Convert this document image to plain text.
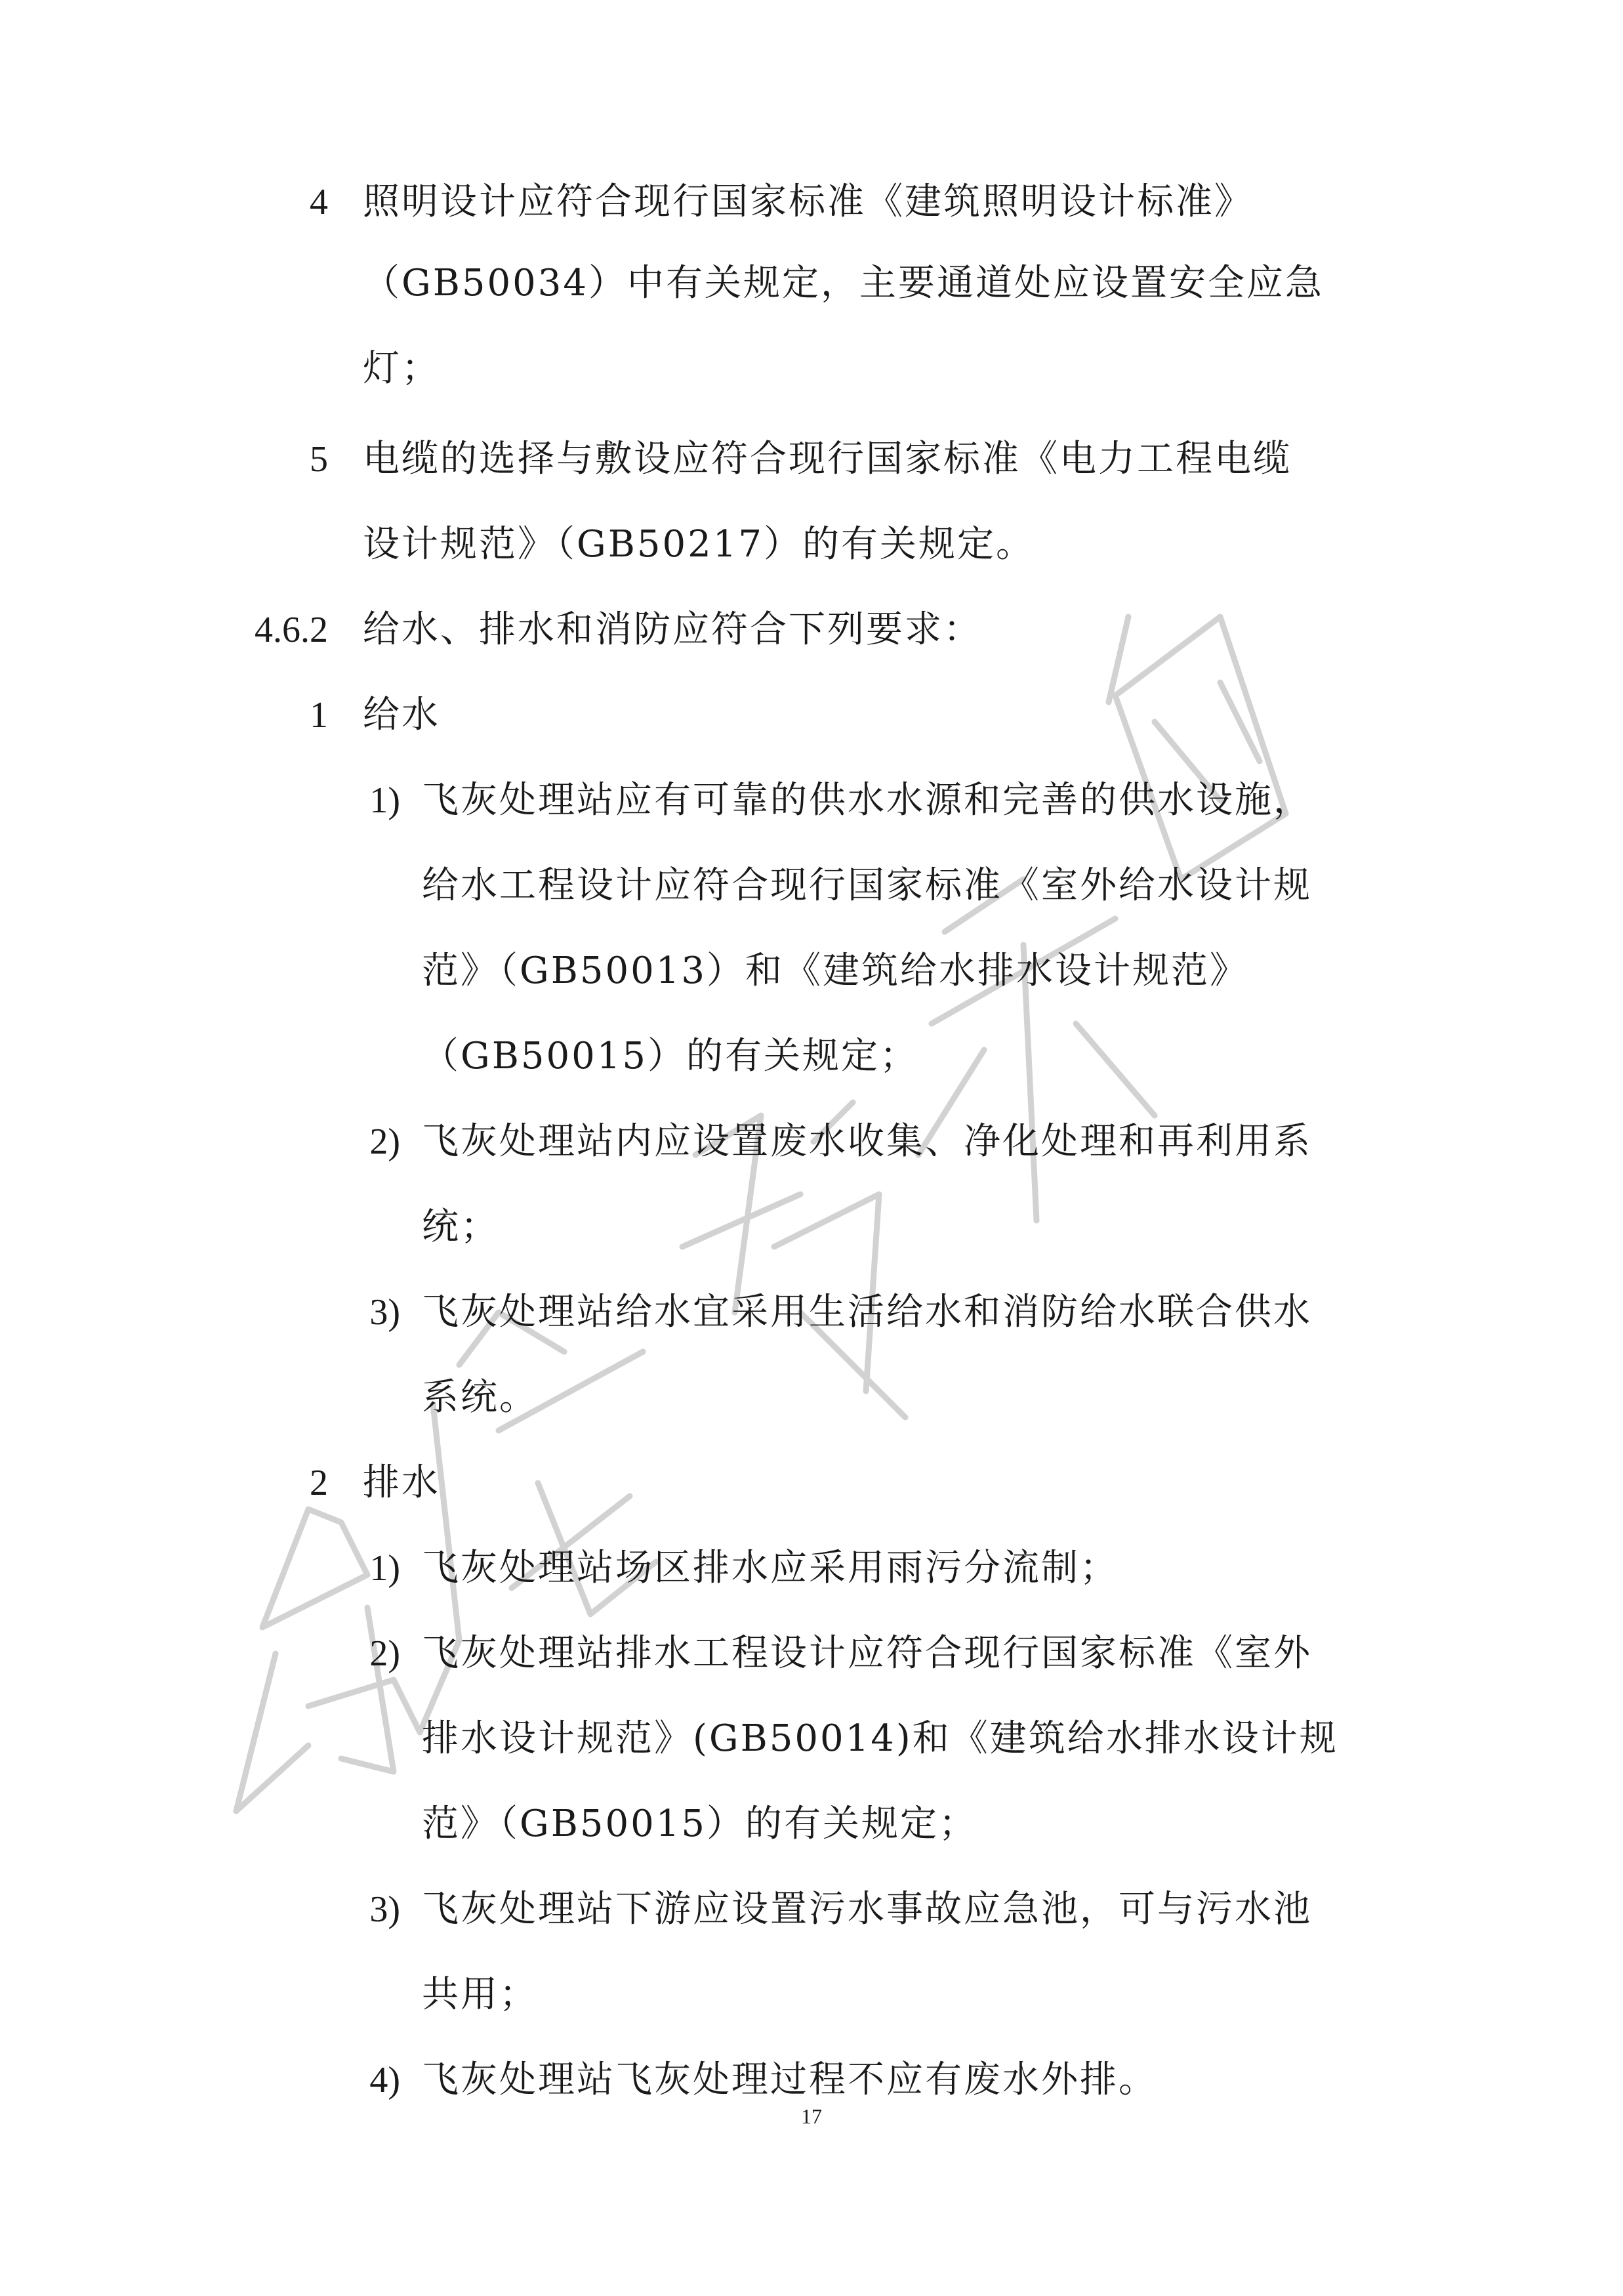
4 照明设计应符合现行国家标准《建筑照明设计标准》
（GB50034）中有关规定，主要通道处应设置安全应急
灯；
5 电缆的选择与敷设应符合现行国家标准《电力工程电缆
设计规范》（GB50217）的有关规定。
4.6.2 给水、排水和消防应符合下列要求：
1 给水
1) 飞灰处理站应有可靠的供水水源和完善的供水设施，
给水工程设计应符合现行国家标准《室外给水设计规
范》（GB50013）和《建筑给水排水设计规范》
（GB50015）的有关规定；
2) 飞灰处理站内应设置废水收集、净化处理和再利用系
统；
3) 飞灰处理站给水宜采用生活给水和消防给水联合供水
系统。
2 排水
1) 飞灰处理站场区排水应采用雨污分流制；
2) 飞灰处理站排水工程设计应符合现行国家标准《室外
排水设计规范》(GB50014)和《建筑给水排水设计规
范》（GB50015）的有关规定；
3) 飞灰处理站下游应设置污水事故应急池，可与污水池
共用；
4) 飞灰处理站飞灰处理过程不应有废水外排。
17
